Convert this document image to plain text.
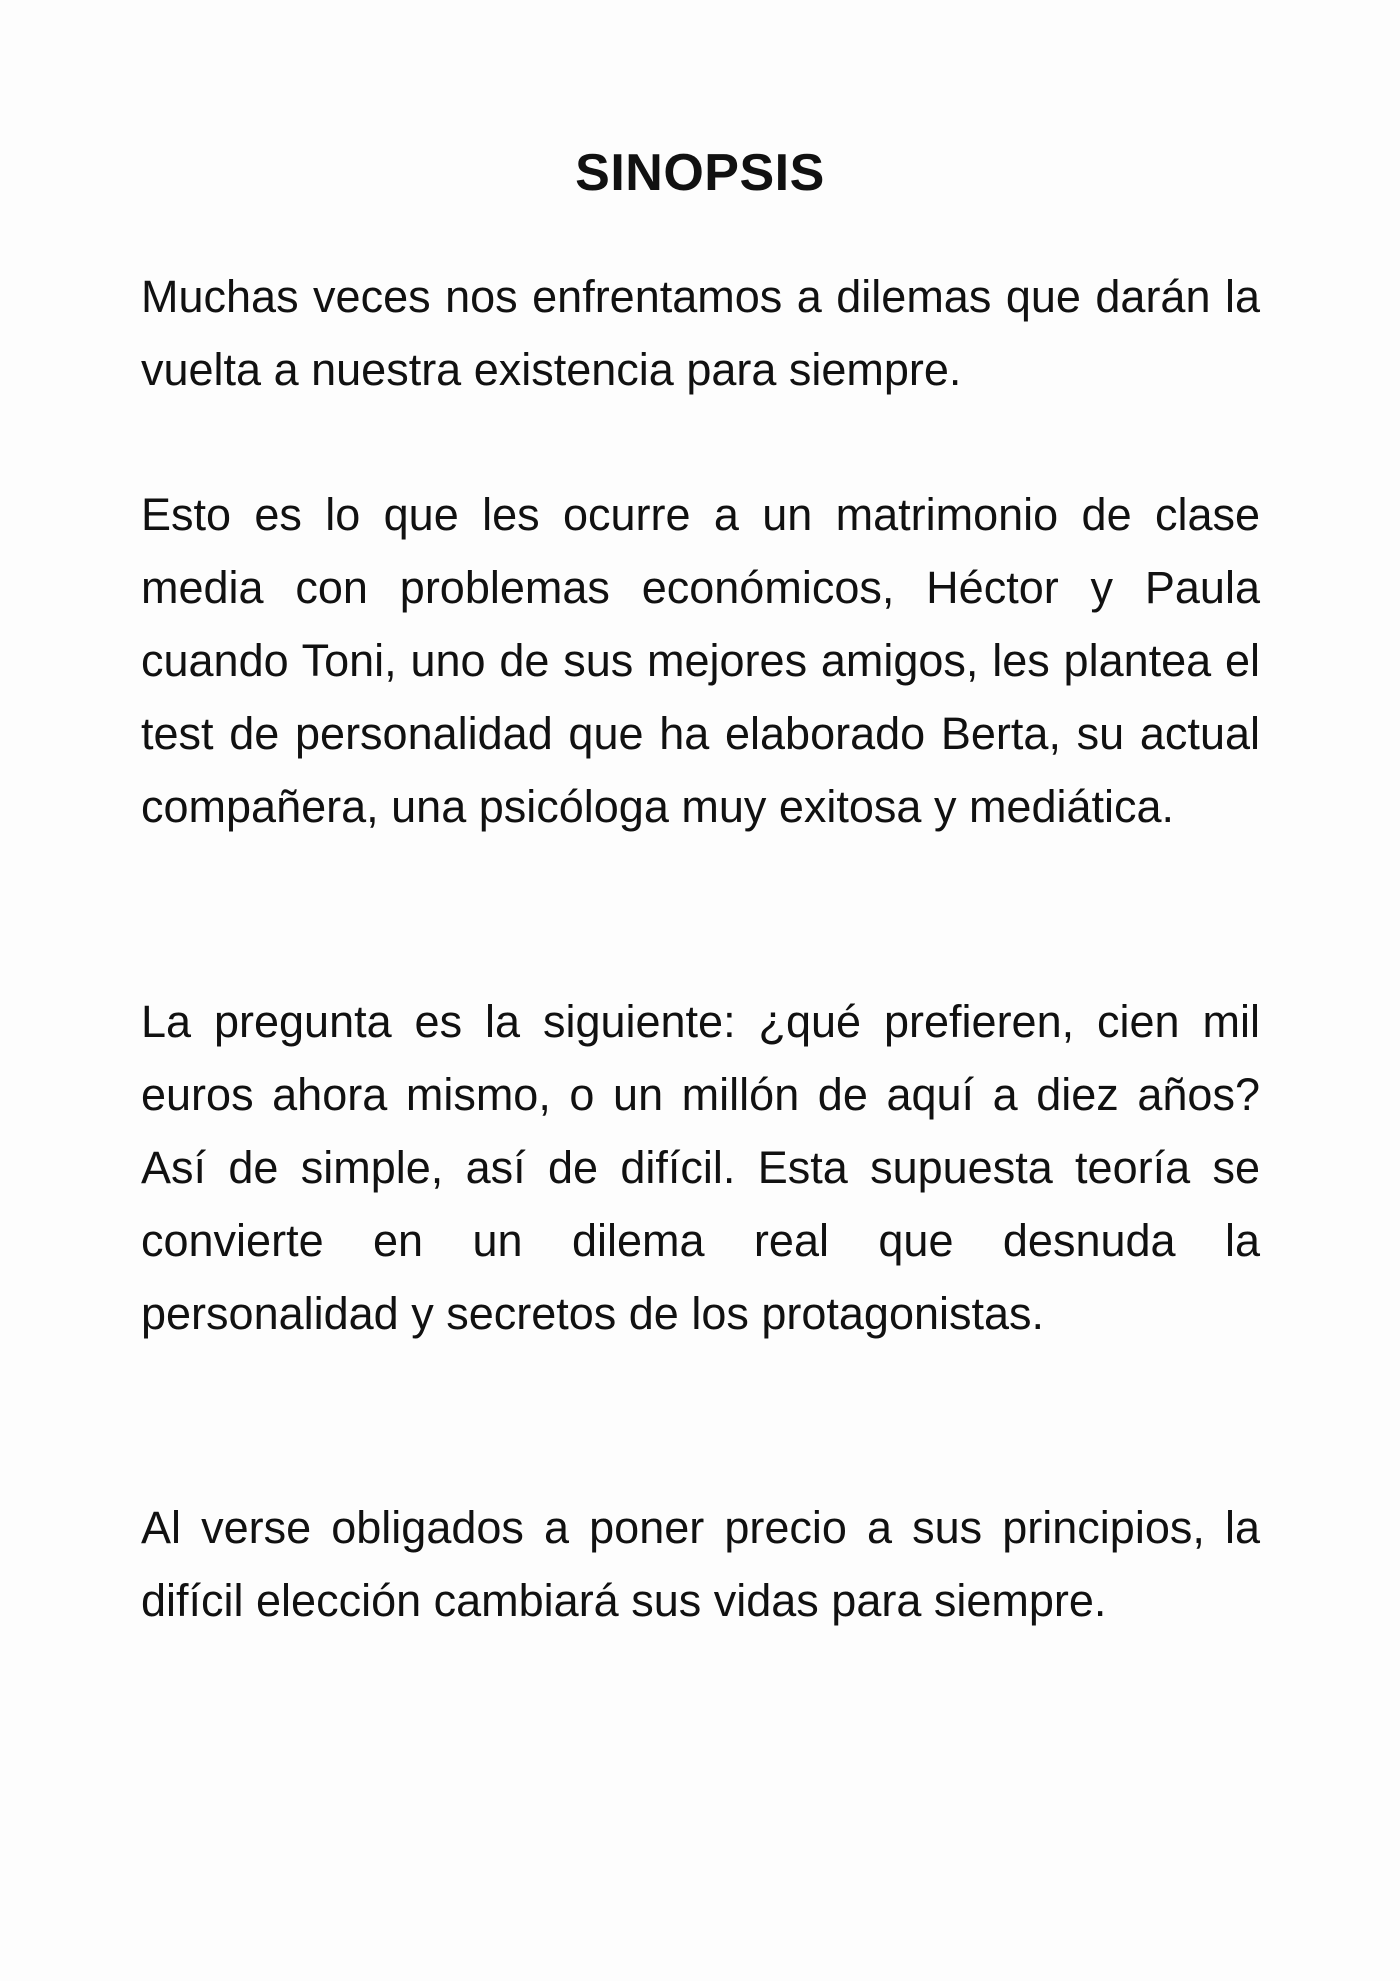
SINOPSIS

Muchas veces nos enfrentamos a dilemas que darán la vuelta a nuestra existencia para siempre.

Esto es lo que les ocurre a un matrimonio de clase media con problemas económicos, Héctor y Paula cuando Toni, uno de sus mejores amigos, les plantea el test de personalidad que ha elaborado Berta, su actual compañera, una psicóloga muy exitosa y mediática.

La pregunta es la siguiente: ¿qué prefieren, cien mil euros ahora mismo, o un millón de aquí a diez años? Así de simple, así de difícil. Esta supuesta teoría se convierte en un dilema real que desnuda la personalidad y secretos de los protagonistas.

Al verse obligados a poner precio a sus principios, la difícil elección cambiará sus vidas para siempre.
